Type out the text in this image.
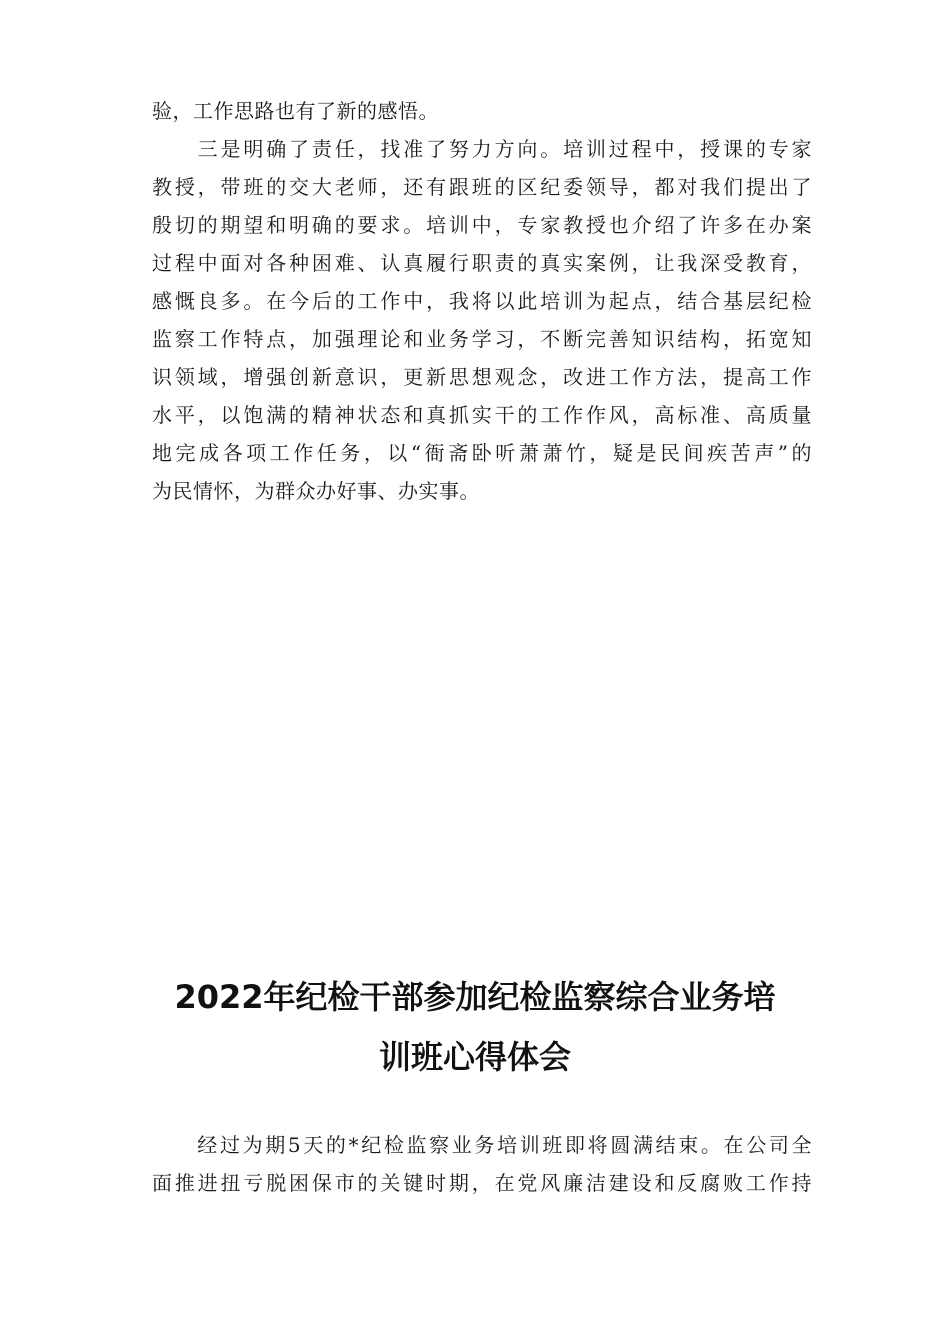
验，工作思路也有了新的感悟。
　　三是明确了责任，找准了努力方向。培训过程中，授课的专家
教授，带班的交大老师，还有跟班的区纪委领导，都对我们提出了
殷切的期望和明确的要求。培训中，专家教授也介绍了许多在办案
过程中面对各种困难、认真履行职责的真实案例，让我深受教育，
感慨良多。在今后的工作中，我将以此培训为起点，结合基层纪检
监察工作特点，加强理论和业务学习，不断完善知识结构，拓宽知
识领域，增强创新意识，更新思想观念，改进工作方法，提高工作
水平，以饱满的精神状态和真抓实干的工作作风，高标准、高质量
地完成各项工作任务，以“衙斋卧听萧萧竹，疑是民间疾苦声”的
为民情怀，为群众办好事、办实事。
2022年纪检干部参加纪检监察综合业务培
训班心得体会
　　经过为期5天的*纪检监察业务培训班即将圆满结束。在公司全
面推进扭亏脱困保市的关键时期，在党风廉洁建设和反腐败工作持
